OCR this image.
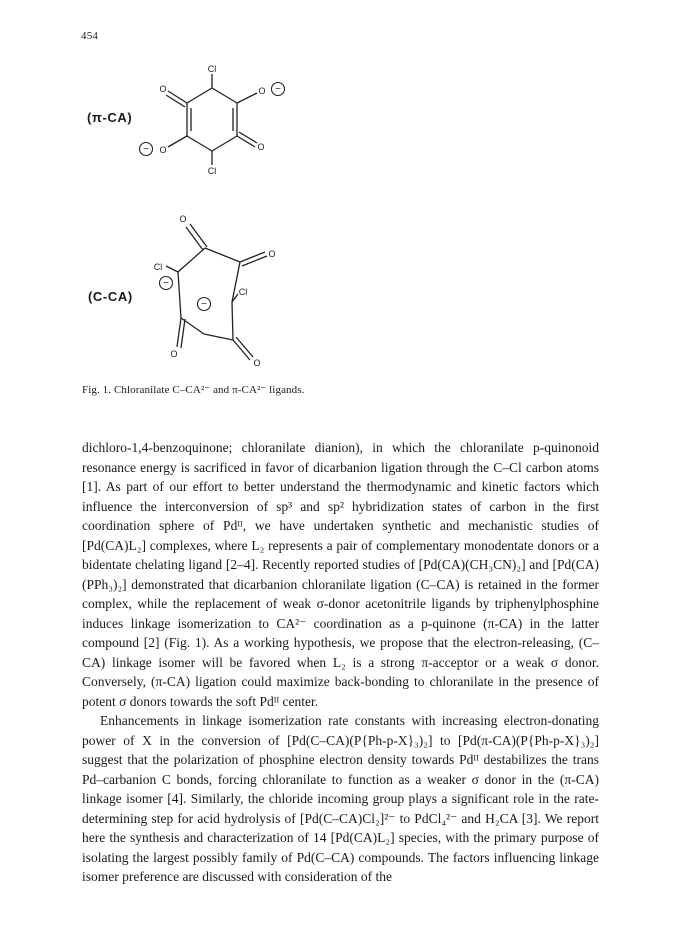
454
(π-CA)
(C-CA)
Cl
Cl
O	O
O
O
−
−
O
O
Cl
Cl
O
O
−
−
Fig. 1. Chloranilate C–CA²⁻ and π-CA²⁻ ligands.

dichloro-1,4-benzoquinone; chloranilate dianion), in which the chloranilate p-quinonoid resonance energy is sacrificed in favor of dicarbanion ligation through the C–Cl carbon atoms [1]. As part of our effort to better understand the thermodynamic and kinetic factors which influence the interconversion of sp³ and sp² hybridization states of carbon in the first coordination sphere of Pdᴵᴵ, we have undertaken synthetic and mechanistic studies of [Pd(CA)L₂] complexes, where L₂ represents a pair of complementary monodentate donors or a bidentate chelating ligand [2–4]. Recently reported studies of [Pd(CA)(CH₃CN)₂] and [Pd(CA)(PPh₃)₂] demonstrated that dicarbanion chloranilate ligation (C–CA) is retained in the former complex, while the replacement of weak σ-donor acetonitrile ligands by triphenylphosphine induces linkage isomerization to CA²⁻ coordination as a p-quinone (π-CA) in the latter compound [2] (Fig. 1). As a working hypothesis, we propose that the electron-releasing, (C–CA) linkage isomer will be favored when L₂ is a strong π-acceptor or a weak σ donor. Conversely, (π-CA) ligation could maximize back-bonding to chloranilate in the presence of potent σ donors towards the soft Pdᴵᴵ center.

Enhancements in linkage isomerization rate constants with increasing electron-donating power of X in the conversion of [Pd(C–CA)(P{Ph-p-X}₃)₂] to [Pd(π-CA)(P{Ph-p-X}₃)₂] suggest that the polarization of phosphine electron density towards Pdᴵᴵ destabilizes the trans Pd–carbanion C bonds, forcing chloranilate to function as a weaker σ donor in the (π-CA) linkage isomer [4]. Similarly, the chloride incoming group plays a significant role in the rate-determining step for acid hydrolysis of [Pd(C–CA)Cl₂]²⁻ to PdCl₄²⁻ and H₂CA [3]. We report here the synthesis and characterization of 14 [Pd(CA)L₂] species, with the primary purpose of isolating the largest possibly family of Pd(C–CA) compounds. The factors influencing linkage isomer preference are discussed with consideration of the
